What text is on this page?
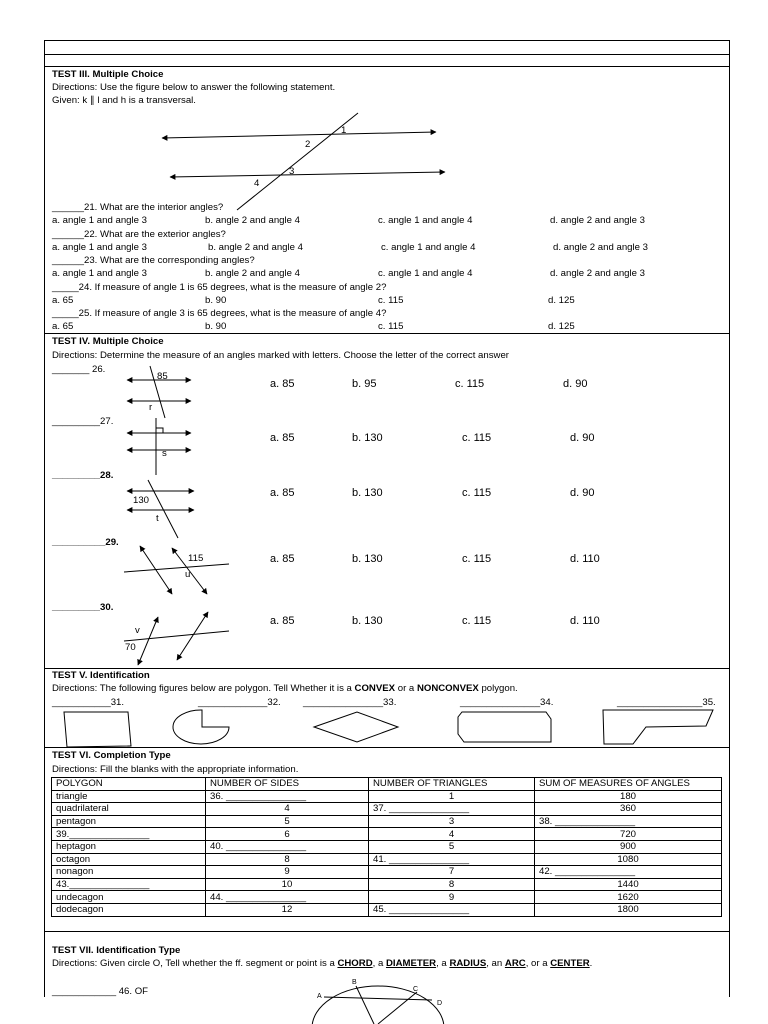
TEST III. Multiple Choice
Directions: Use the figure below to answer the following statement.
Given: k ∥ l and h is a transversal.
1
2
3
4
______21. What are the interior angles?
a. angle 1 and angle 3	b. angle 2 and angle 4	c. angle 1 and angle 4	d. angle 2 and angle 3
______22. What are the exterior angles?
a. angle 1 and angle 3	b. angle 2 and angle 4	c. angle 1 and angle 4	d. angle 2 and angle 3
______23. What are the corresponding angles?
a. angle 1 and angle 3	b. angle 2 and angle 4	c. angle 1 and angle 4	d. angle 2 and angle 3
_____24. If measure of angle 1 is 65 degrees, what is the measure of angle 2?
a. 65	b. 90	c. 115	d. 125
_____25. If measure of angle 3 is 65 degrees, what is the measure of angle 4?
a. 65	b. 90	c. 115	d. 125
TEST IV. Multiple Choice
Directions: Determine the measure of an angles marked with letters. Choose the letter of the correct answer
_______ 26.
85
r
a. 85	b. 95	c. 115	d. 90
_________27.
s
a. 85	b. 130	c. 115	d. 90
_________28.
130
t
a. 85	b. 130	c. 115	d. 90
__________29.
115
u
a. 85	b. 130	c. 115	d. 110
_________30.
v
70
a. 85	b. 130	c. 115	d. 110
TEST V. Identification
Directions: The following figures below are polygon. Tell Whether it is a CONVEX or a NONCONVEX polygon.
___________31.	_____________32. _______________33.	_______________34.	________________35.
TEST VI. Completion Type
Directions: Fill the blanks with the appropriate information.
POLYGON	NUMBER OF SIDES	NUMBER OF TRIANGLES	SUM OF MEASURES OF ANGLES
triangle	36. _______________	1	180
quadrilateral	4	37. _______________	360
pentagon	5	3	38. _______________
39._______________	6	4	720
heptagon	40. _______________	5	900
octagon	8	41. _______________	1080
nonagon	9	7	42. _______________
43._______________	10	8	1440
undecagon	44. _______________	9	1620
dodecagon	12	45. _______________	1800
TEST VII. Identification Type
Directions: Given circle O, Tell whether the ff. segment or point is a CHORD, a DIAMETER, a RADIUS, an ARC, or a CENTER.
____________ 46. OF	A
B
C
D
